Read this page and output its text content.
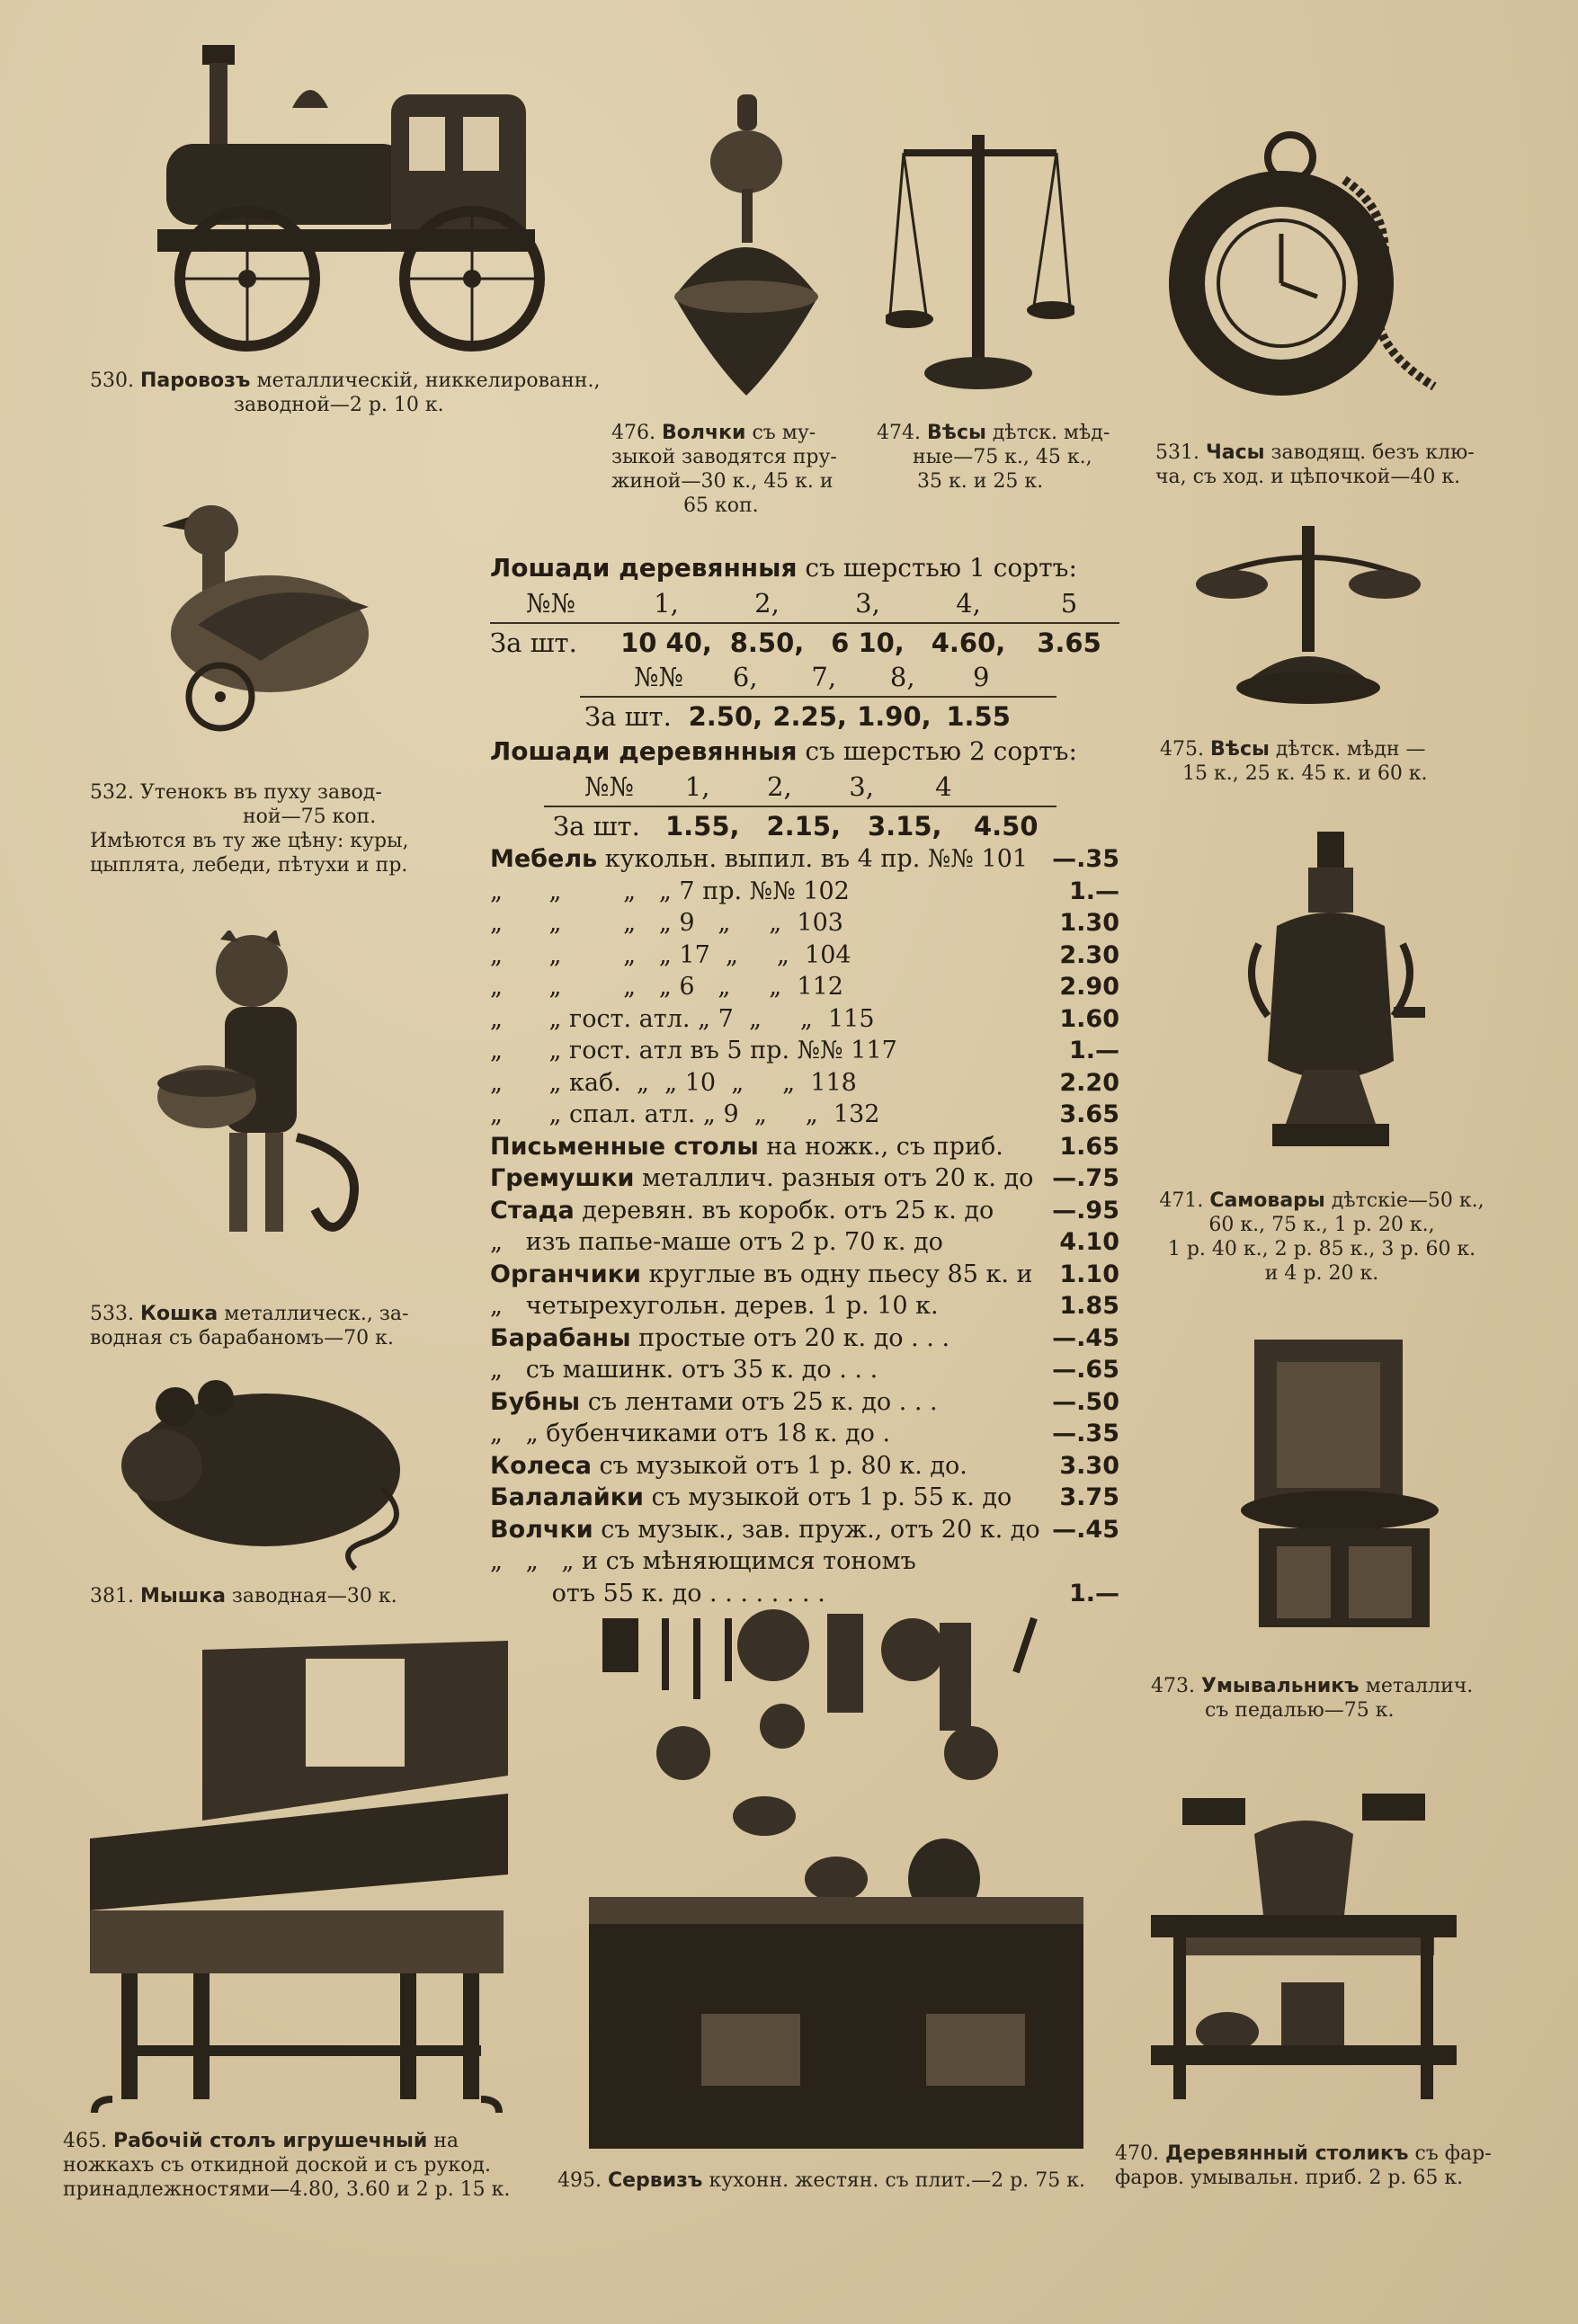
530. Паровозъ металлическій, никкелированн.,
заводной—2 р. 10 к.
476. Волчки съ му-
зыкой заводятся пру-
жиной—30 к., 45 к. и
65 коп.
474. Вѣсы дѣтск. мѣд-
ные—75 к., 45 к.,
35 к. и 25 к.
531. Часы заводящ. безъ клю-
ча, съ ход. и цѣпочкой—40 к.
532. Утенокъ въ пуху завод-
ной—75 коп.
Имѣются въ ту же цѣну: куры,
цыплята, лебеди, пѣтухи и пр.
475. Вѣсы дѣтск. мѣдн —
15 к., 25 к. 45 к. и 60 к.
533. Кошка металлическ., за-
водная съ барабаномъ—70 к.
471. Самовары дѣтскіе—50 к.,
60 к., 75 к., 1 р. 20 к.,
1 р. 40 к., 2 р. 85 к., 3 р. 60 к.
и 4 р. 20 к.
381. Мышка заводная—30 к.
473. Умывальникъ металлич.
съ педалью—75 к.
465. Рабочій столъ игрушечный на
ножкахъ съ откидной доской и съ рукод.
принадлежностями—4.80, 3.60 и 2 р. 15 к. 495. Сервизъ кухонн. жестян. съ плит.—2 р. 75 к.
470. Деревянный столикъ съ фар-
фаров. умывальн. приб. 2 р. 65 к.
Лошади деревянныя съ шерстью 1 сортъ:
№№	1,	2,	3,	4,	5
За шт.	10 40, 8.50,	6 10,	4.60,	3.65
№№	6,	7,	8,	9
За шт. 2.50, 2.25, 1.90, 1.55
Лошади деревянныя съ шерстью 2 сортъ:
№№	1,	2,	3,	4
За шт. 1.55,	2.15,	3.15,	4.50
Мебель кукольн. выпил. въ 4 пр. №№ 101	—.35
„      „        „   „ 7 пр. №№ 102	1.—
„      „        „   „ 9   „     „  103	1.30
„      „        „   „ 17  „     „  104	2.30
„      „        „   „ 6   „     „  112	2.90
„      „ гост. атл. „ 7  „     „  115	1.60
„      „ гост. атл въ 5 пр. №№ 117	1.—
„      „ каб.  „  „ 10  „     „  118	2.20
„      „ спал. атл. „ 9  „     „  132	3.65
Письменные столы на ножк., съ приб.	1.65
Гремушки металлич. разныя отъ 20 к. до —.75
Стада деревян. въ коробк. отъ 25 к. до	—.95
„   изъ папье-маше отъ 2 р. 70 к. до	4.10
Органчики круглые въ одну пьесу 85 к. и	1.10
„   четырехугольн. дерев. 1 р. 10 к.	1.85
Барабаны простые отъ 20 к. до . . .	—.45
„   съ машинк. отъ 35 к. до . . .	—.65
Бубны съ лентами отъ 25 к. до . . .	—.50
„   „ бубенчиками отъ 18 к. до .	—.35
Колеса съ музыкой отъ 1 р. 80 к. до.	3.30
Балалайки съ музыкой отъ 1 р. 55 к. до	3.75
Волчки съ музык., зав. пруж., отъ 20 к. до —.45
„   „   „ и съ мѣняющимся тономъ
отъ 55 к. до . . . . . . . .	1.—
